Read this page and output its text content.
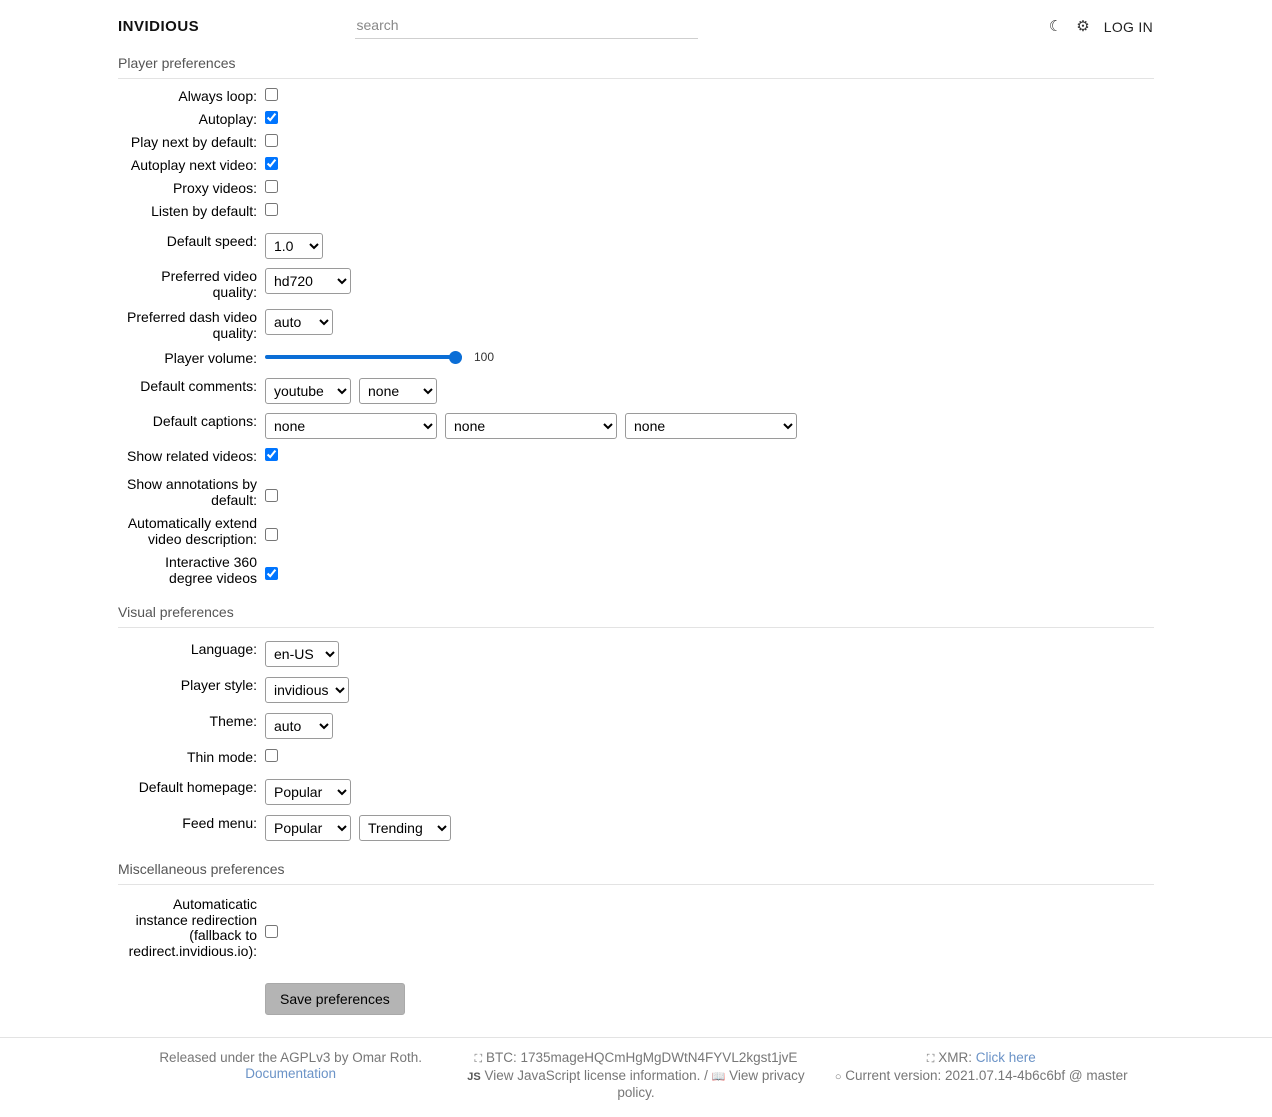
INVIDIOUS
search	☾ ⚙ LOG IN
Player preferences
Always loop:
Autoplay:
Play next by default:
Autoplay next video:
Proxy videos:
Listen by default:
Default speed:
1.0
Preferred video quality:
hd720
Preferred dash video quality:
auto
Player volume:	100
Default comments:
youtube
none
Default captions:
none
none
none
Show related videos:
Show annotations by default:
Automatically extend video description:
Interactive 360 degree videos
Visual preferences
Language:
en-US
Player style:
invidious
Theme:
auto
Thin mode:
Default homepage:
Popular
Feed menu:
Popular
Trending
Miscellaneous preferences
Automaticatic instance redirection (fallback to redirect.invidious.io):
Save preferences
Released under the AGPLv3 by Omar Roth.
Documentation
⛶ BTC: 1735mageHQCmHgMgDWtN4FYVL2kgst1jvE
JS View JavaScript license information. / 📖 View privacy policy.
⛶ XMR: Click here
○ Current version: 2021.07.14-4b6c6bf @ master
